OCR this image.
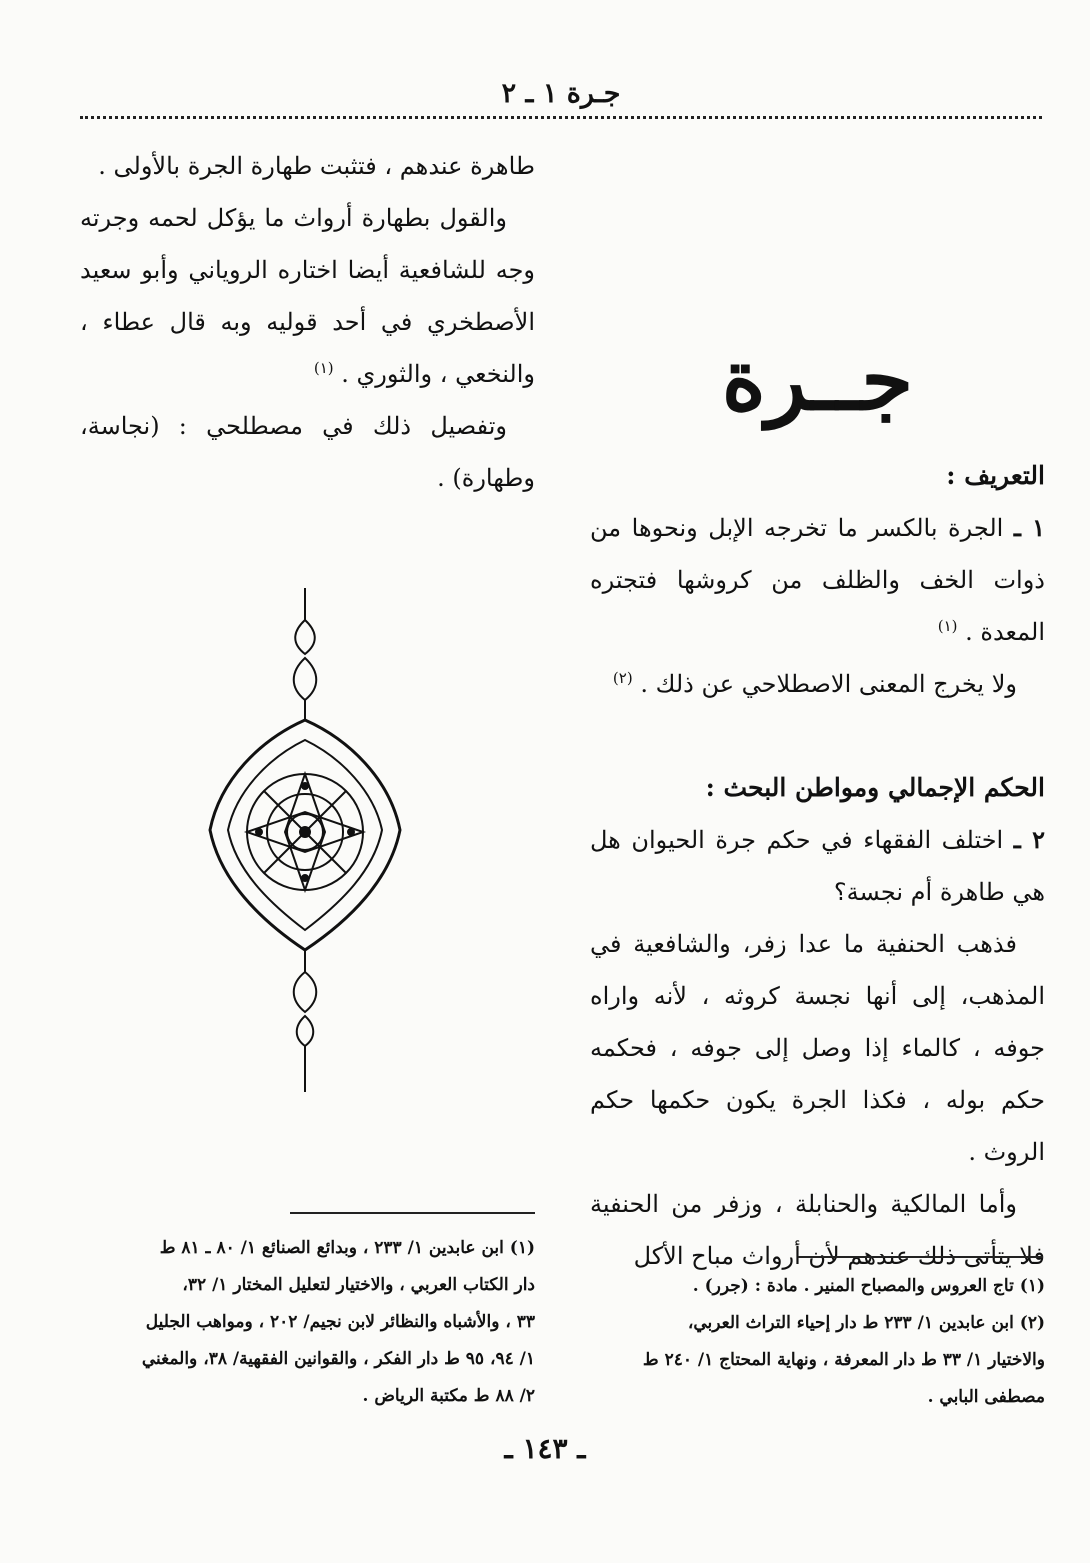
جـرة ١ ـ ٢
جــرة

التعريف :

١ ـ الجرة بالكسر ما تخرجه الإبل ونحوها من ذوات الخف والظلف من كروشها فتجتره المعدة . $^{(١)}$

ولا يخرج المعنى الاصطلاحي عن ذلك . $^{(٢)}$

الحكم الإجمالي ومواطن البحث :

٢ ـ اختلف الفقهاء في حكم جرة الحيوان هل هي طاهرة أم نجسة؟

فذهب الحنفية ما عدا زفر، والشافعية في المذهب، إلى أنها نجسة كروثه ، لأنه واراه جوفه ، كالماء إذا وصل إلى جوفه ، فحكمه حكم بوله ، فكذا الجرة يكون حكمها حكم الروث .

وأما المالكية والحنابلة ، وزفر من الحنفية فلا يتأتى ذلك عندهم لأن أرواث مباح الأكل

طاهرة عندهم ، فتثبت طهارة الجرة بالأولى .

والقول بطهارة أرواث ما يؤكل لحمه وجرته وجه للشافعية أيضا اختاره الروياني وأبو سعيد الأصطخري في أحد قوليه وبه قال عطاء ، والنخعي ، والثوري . $^{(١)}$

وتفصيل ذلك في مصطلحي : (نجاسة، وطهارة) .

(١) ابن عابدين ١/ ٢٣٣ ، وبدائع الصنائع ١/ ٨٠ ـ ٨١ ط

دار الكتاب العربي ، والاختيار لتعليل المختار ١/ ٣٢،

٣٣ ، والأشباه والنظائر لابن نجيم/ ٢٠٢ ، ومواهب الجليل

١/ ٩٤، ٩٥ ط دار الفكر ، والقوانين الفقهية/ ٣٨، والمغني

٢/ ٨٨ ط مكتبة الرياض .

(١) تاج العروس والمصباح المنير . مادة : (جرر) .

(٢) ابن عابدين ١/ ٢٣٣ ط دار إحياء التراث العربي،

والاختيار ١/ ٣٣ ط دار المعرفة ، ونهاية المحتاج ١/ ٢٤٠ ط

مصطفى البابي .

ـ ١٤٣ ـ
